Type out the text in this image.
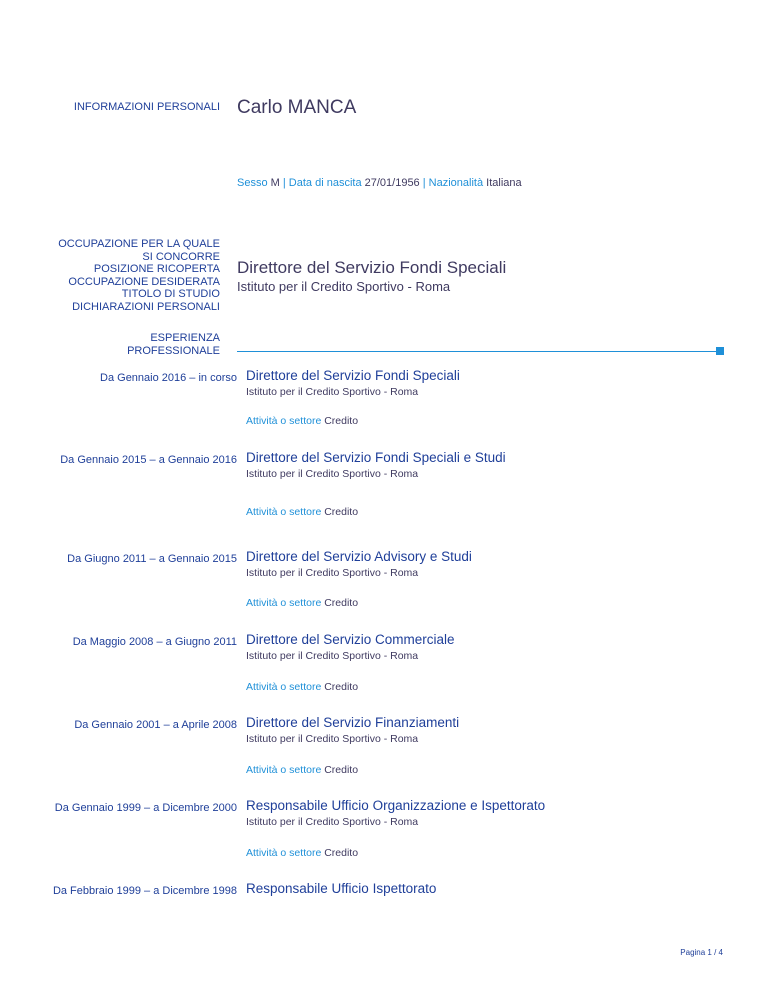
INFORMAZIONI PERSONALI Carlo MANCA
Sesso M | Data di nascita 27/01/1956 | Nazionalità Italiana
OCCUPAZIONE PER LA QUALE
SI CONCORRE
POSIZIONE RICOPERTA
OCCUPAZIONE DESIDERATA
TITOLO DI STUDIO
DICHIARAZIONI PERSONALI
Direttore del Servizio Fondi Speciali
Istituto per il Credito Sportivo - Roma
ESPERIENZA
PROFESSIONALE
Da Gennaio 2016 – in corso Direttore del Servizio Fondi Speciali
Istituto per il Credito Sportivo - Roma
Attività o settore Credito
Da Gennaio 2015 – a Gennaio 2016 Direttore del Servizio Fondi Speciali e Studi
Istituto per il Credito Sportivo - Roma
Attività o settore Credito
Da Giugno 2011 – a Gennaio 2015 Direttore del Servizio Advisory e Studi
Istituto per il Credito Sportivo - Roma
Attività o settore Credito
Da Maggio 2008 – a Giugno 2011 Direttore del Servizio Commerciale
Istituto per il Credito Sportivo - Roma
Attività o settore Credito
Da Gennaio 2001 – a Aprile 2008 Direttore del Servizio Finanziamenti
Istituto per il Credito Sportivo - Roma
Attività o settore Credito
Da Gennaio 1999 – a Dicembre 2000 Responsabile Ufficio Organizzazione e Ispettorato
Istituto per il Credito Sportivo - Roma
Attività o settore Credito
Da Febbraio 1999 – a Dicembre 1998 Responsabile Ufficio Ispettorato
Pagina 1 / 4
